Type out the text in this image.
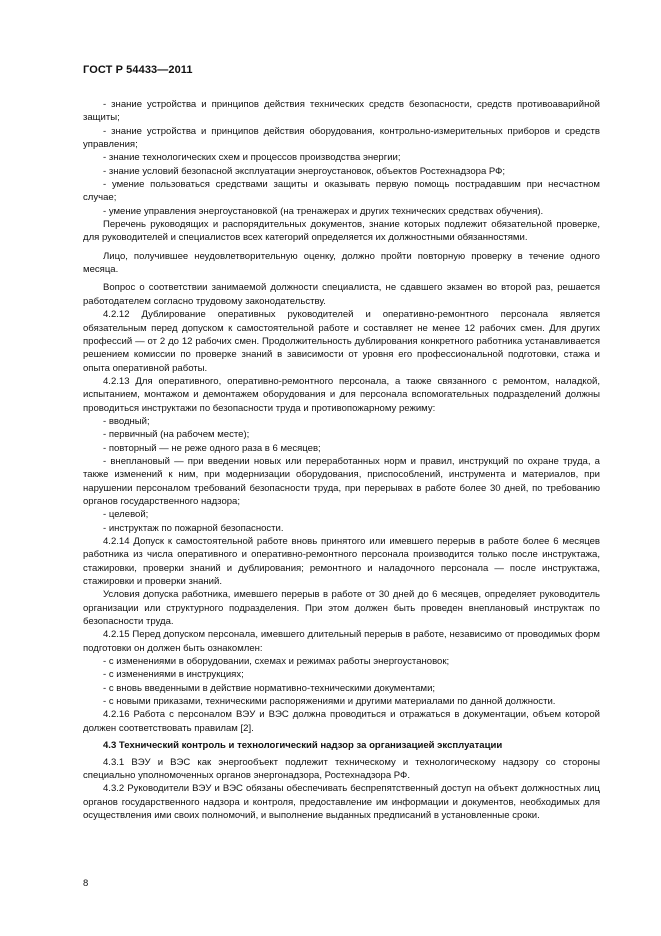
ГОСТ Р 54433—2011

- знание устройства и принципов действия технических средств безопасности, средств противоаварийной защиты;

- знание устройства и принципов действия оборудования, контрольно-измерительных приборов и средств управления;

- знание технологических схем и процессов производства энергии;

- знание условий безопасной эксплуатации энергоустановок, объектов Ростехнадзора РФ;

- умение пользоваться средствами защиты и оказывать первую помощь пострадавшим при несчастном случае;

- умение управления энергоустановкой (на тренажерах и других технических средствах обучения).

Перечень руководящих и распорядительных документов, знание которых подлежит обязательной проверке, для руководителей и специалистов всех категорий определяется их должностными обязанностями.

Лицо, получившее неудовлетворительную оценку, должно пройти повторную проверку в течение одного месяца.

Вопрос о соответствии занимаемой должности специалиста, не сдавшего экзамен во второй раз, решается работодателем согласно трудовому законодательству.

4.2.12 Дублирование оперативных руководителей и оперативно-ремонтного персонала является обязательным перед допуском к самостоятельной работе и составляет не менее 12 рабочих смен. Для других профессий — от 2 до 12 рабочих смен. Продолжительность дублирования конкретного работника устанавливается решением комиссии по проверке знаний в зависимости от уровня его профессиональной подготовки, стажа и опыта оперативной работы.

4.2.13 Для оперативного, оперативно-ремонтного персонала, а также связанного с ремонтом, наладкой, испытанием, монтажом и демонтажем оборудования и для персонала вспомогательных подразделений должны проводиться инструктажи по безопасности труда и противопожарному режиму:

- вводный;

- первичный (на рабочем месте);

- повторный — не реже одного раза в 6 месяцев;

- внеплановый — при введении новых или переработанных норм и правил, инструкций по охране труда, а также изменений к ним, при модернизации оборудования, приспособлений, инструмента и материалов, при нарушении персоналом требований безопасности труда, при перерывах в работе более 30 дней, по требованию органов государственного надзора;

- целевой;

- инструктаж по пожарной безопасности.

4.2.14 Допуск к самостоятельной работе вновь принятого или имевшего перерыв в работе более 6 месяцев работника из числа оперативного и оперативно-ремонтного персонала производится только после инструктажа, стажировки, проверки знаний и дублирования; ремонтного и наладочного персонала — после инструктажа, стажировки и проверки знаний.

Условия допуска работника, имевшего перерыв в работе от 30 дней до 6 месяцев, определяет руководитель организации или структурного подразделения. При этом должен быть проведен внеплановый инструктаж по безопасности труда.

4.2.15 Перед допуском персонала, имевшего длительный перерыв в работе, независимо от проводимых форм подготовки он должен быть ознакомлен:

- с изменениями в оборудовании, схемах и режимах работы энергоустановок;

- с изменениями в инструкциях;

- с вновь введенными в действие нормативно-техническими документами;

- с новыми приказами, техническими распоряжениями и другими материалами по данной должности.

4.2.16 Работа с персоналом ВЭУ и ВЭС должна проводиться и отражаться в документации, объем которой должен соответствовать правилам [2].

4.3 Технический контроль и технологический надзор за организацией эксплуатации

4.3.1 ВЭУ и ВЭС как энергообъект подлежит техническому и технологическому надзору со стороны специально уполномоченных органов энергонадзора, Ростехнадзора РФ.

4.3.2 Руководители ВЭУ и ВЭС обязаны обеспечивать беспрепятственный доступ на объект должностных лиц органов государственного надзора и контроля, предоставление им информации и документов, необходимых для осуществления ими своих полномочий, и выполнение выданных предписаний в установленные сроки.

8
